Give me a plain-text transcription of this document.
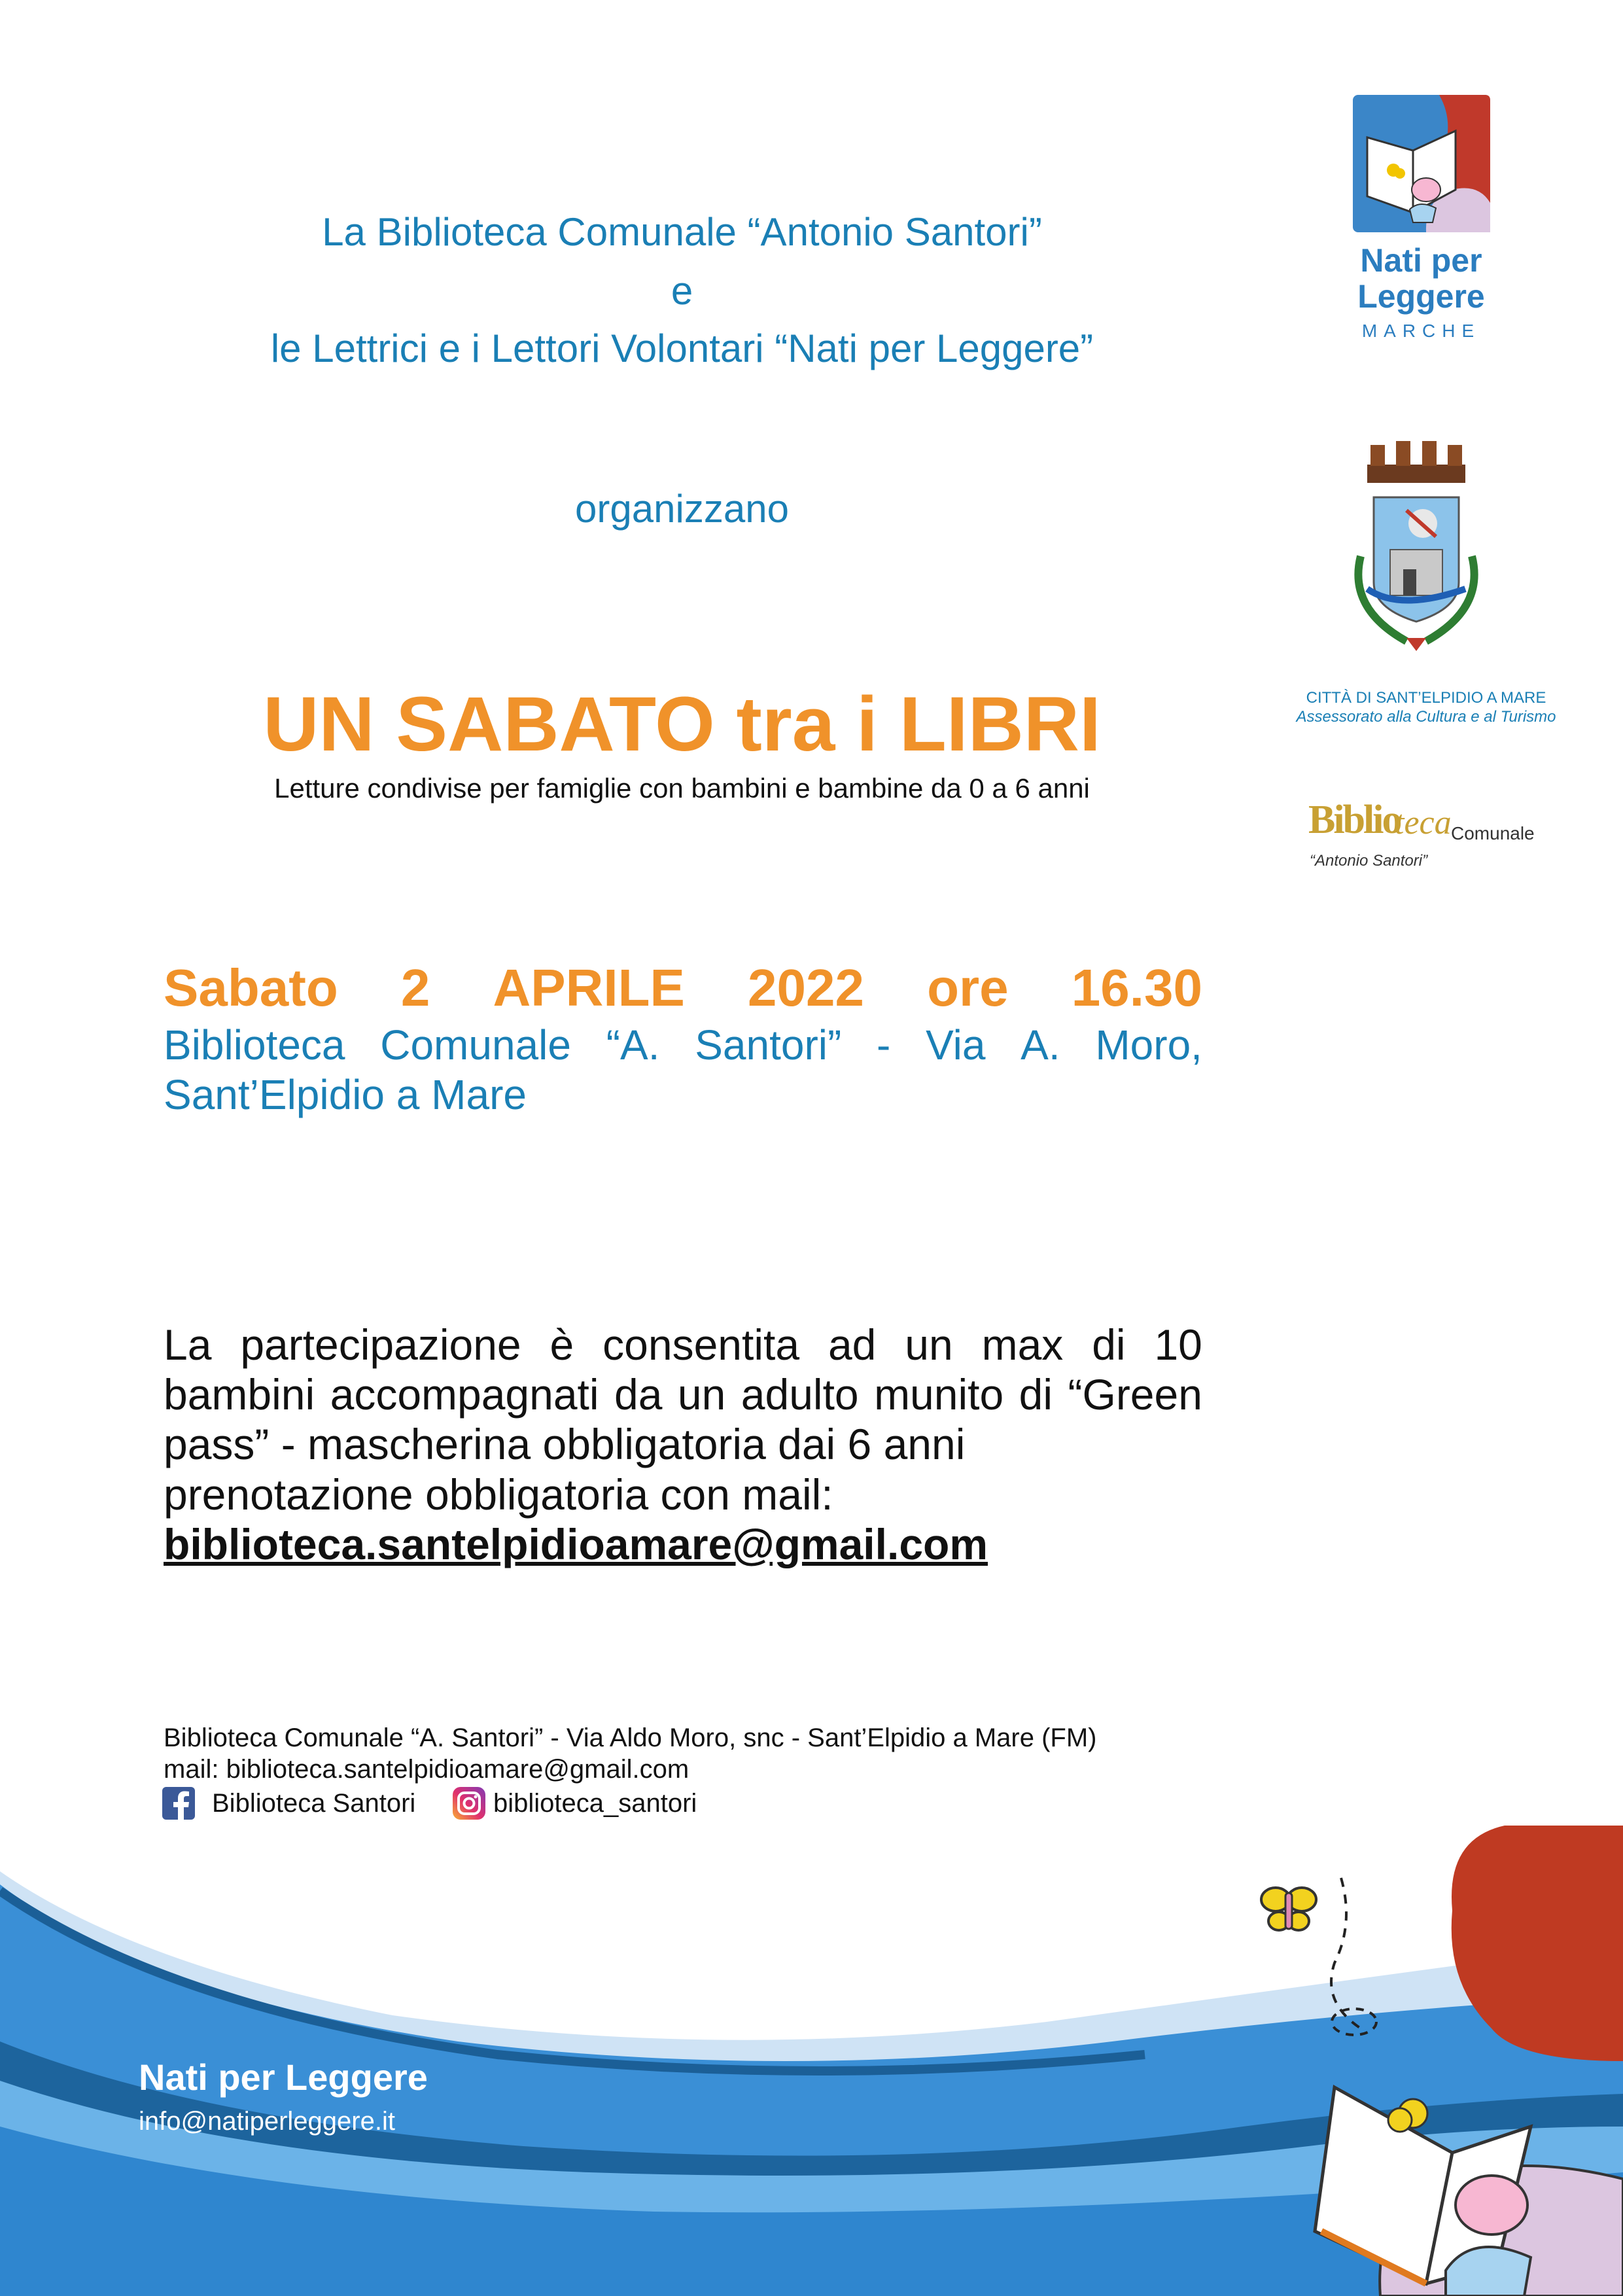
La Biblioteca Comunale “Antonio Santori”
e
le Lettrici e i Lettori Volontari “Nati per Leggere”
organizzano
UN SABATO tra i LIBRI
Letture condivise per famiglie con bambini e bambine da 0 a 6 anni
Sabato 2 APRILE 2022 ore 16.30
Biblioteca Comunale “A. Santori” - Via A. Moro,
Sant’Elpidio a Mare
La partecipazione è consentita ad un max di 10
bambini accompagnati da un adulto munito di “Green
pass” - mascherina obbligatoria dai 6 anni
prenotazione obbligatoria con mail:
biblioteca.santelpidioamare@gmail.com
Biblioteca Comunale “A. Santori” - Via Aldo Moro, snc - Sant’Elpidio a Mare (FM)
mail: biblioteca.santelpidioamare@gmail.com
Biblioteca Santori	biblioteca_santori
Nati per
Leggere
MARCHE
CITTÀ DI SANT’ELPIDIO A MARE
Assessorato alla Cultura e al Turismo
Biblio
teca Comunale
“Antonio Santori”
Nati per Leggere
info@natiperleggere.it
